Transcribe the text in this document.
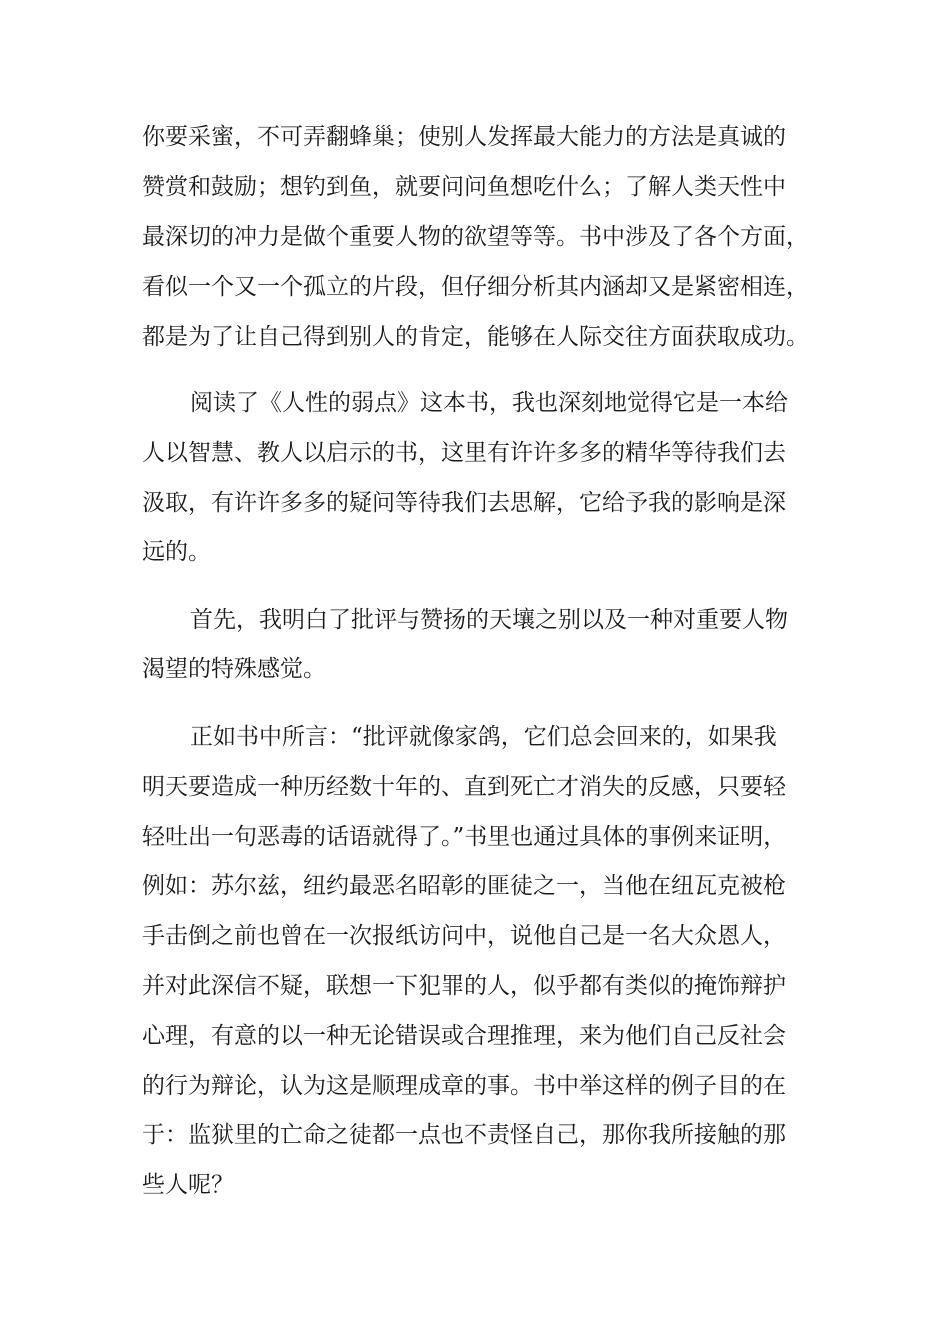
你要采蜜，不可弄翻蜂巢；使别人发挥最大能力的方法是真诚的

赞赏和鼓励；想钓到鱼，就要问问鱼想吃什么；了解人类天性中

最深切的冲力是做个重要人物的欲望等等。书中涉及了各个方面，

看似一个又一个孤立的片段，但仔细分析其内涵却又是紧密相连，

都是为了让自己得到别人的肯定，能够在人际交往方面获取成功。

阅读了《人性的弱点》这本书，我也深刻地觉得它是一本给

人以智慧、教人以启示的书，这里有许许多多的精华等待我们去

汲取，有许许多多的疑问等待我们去思解，它给予我的影响是深

远的。

首先，我明白了批评与赞扬的天壤之别以及一种对重要人物

渴望的特殊感觉。

正如书中所言：“批评就像家鸽，它们总会回来的，如果我

明天要造成一种历经数十年的、直到死亡才消失的反感，只要轻

轻吐出一句恶毒的话语就得了。”书里也通过具体的事例来证明，

例如：苏尔兹，纽约最恶名昭彰的匪徒之一，当他在纽瓦克被枪

手击倒之前也曾在一次报纸访问中，说他自己是一名大众恩人，

并对此深信不疑，联想一下犯罪的人，似乎都有类似的掩饰辩护

心理，有意的以一种无论错误或合理推理，来为他们自己反社会

的行为辩论，认为这是顺理成章的事。书中举这样的例子目的在

于：监狱里的亡命之徒都一点也不责怪自己，那你我所接触的那

些人呢？
